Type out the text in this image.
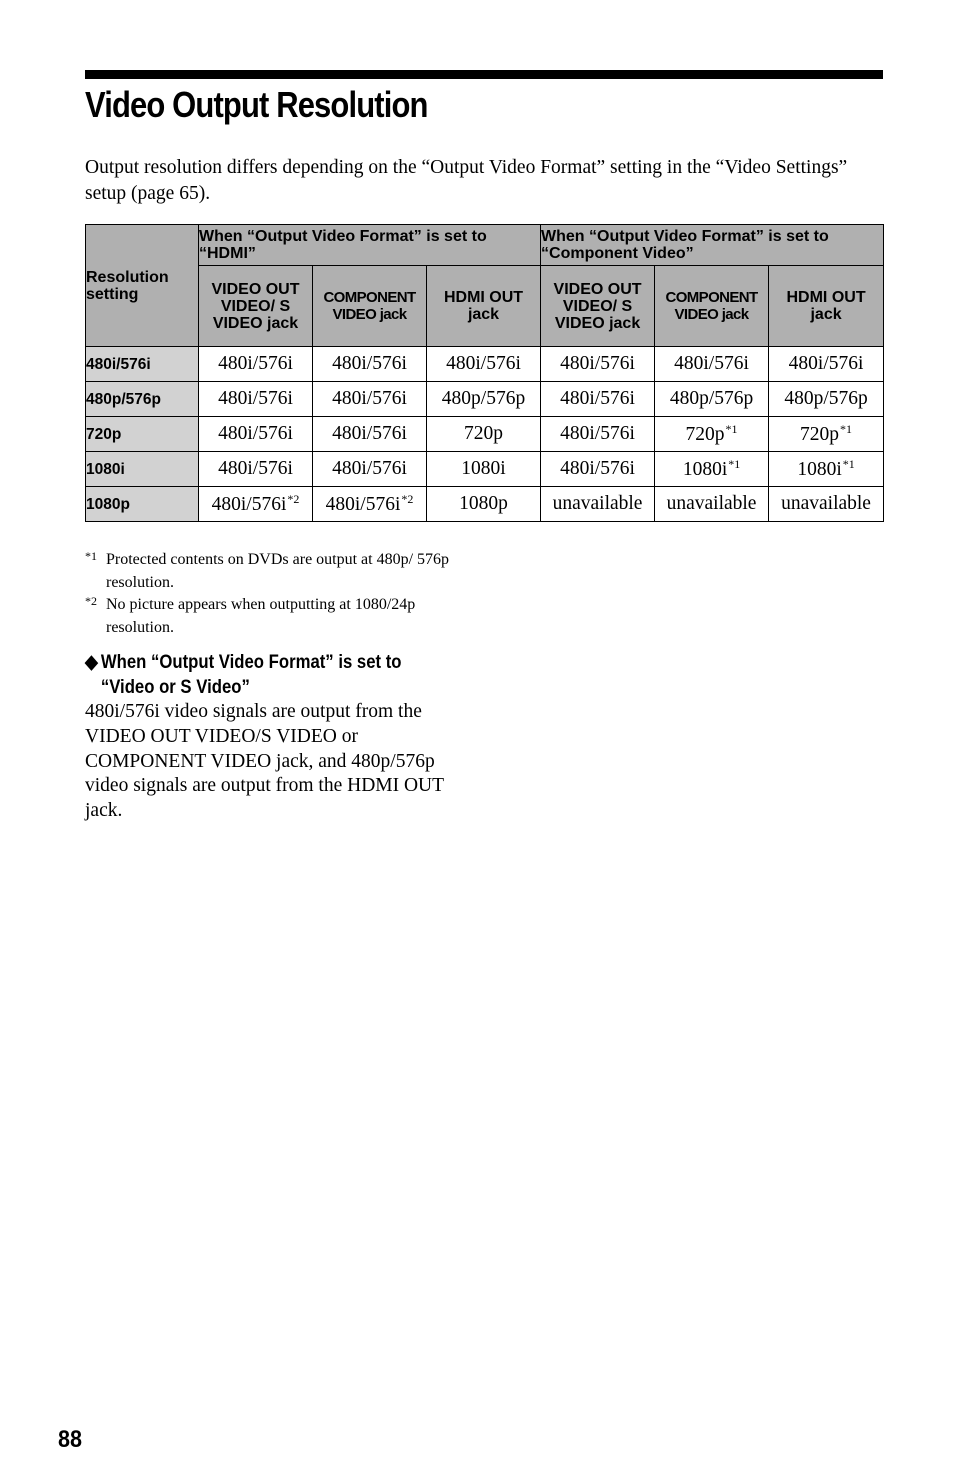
Video Output Resolution

Output resolution differs depending on the “Output Video Format” setting in the “Video Settings” setup (page 65).

Resolution setting	When “Output Video Format” is set to “HDMI”			When “Output Video Format” is set to “Component Video”		
	VIDEO OUT VIDEO/ S VIDEO jack	COMPONENT VIDEO jack	HDMI OUT jack	VIDEO OUT VIDEO/ S VIDEO jack	COMPONENT VIDEO jack	HDMI OUT jack
480i/576i	480i/576i	480i/576i	480i/576i	480i/576i	480i/576i	480i/576i
480p/576p	480i/576i	480i/576i	480p/576p	480i/576i	480p/576p	480p/576p
720p	480i/576i	480i/576i	720p	480i/576i	$720p^{*1}$	$720p^{*1}$
1080i	480i/576i	480i/576i	1080i	480i/576i	$1080i^{*1}$	$1080i^{*1}$
1080p	$480i/576i^{*2}$	$480i/576i^{*2}$	1080p	unavailable	unavailable	unavailable
*1 Protected contents on DVDs are output at 480p/ 576p resolution.
*2 No picture appears when outputting at 1080/24p resolution.
◆ When “Output Video Format” is set to
“Video or S Video”

480i/576i video signals are output from the VIDEO OUT VIDEO/S VIDEO or COMPONENT VIDEO jack, and 480p/576p video signals are output from the HDMI OUT jack.

88
